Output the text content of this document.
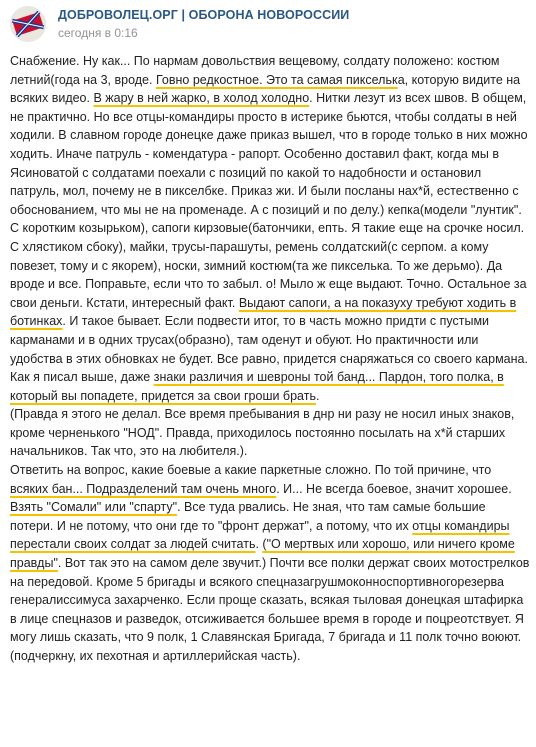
ДОБРОВОЛЕЦ.ОРГ | ОБОРОНА НОВОРОССИИ
сегодня в 0:16

Снабжение. Ну как... По нармам довольствия вещевому, солдату положено: костюм летний(года на 3, вроде. Говно редкостное. Это та самая пикселька, которую видите на всяких видео. В жару в ней жарко, в холод холодно. Нитки лезут из всех швов. В общем, не практично. Но все отцы-командиры просто в истерике бьются, чтобы солдаты в ней ходили. В славном городе донецке даже приказ вышел, что в городе только в них можно ходить. Иначе патруль - комендатура - рапорт. Особенно доставил факт, когда мы в Ясиноватой с солдатами поехали с позиций по какой то надобности и остановил патруль, мол, почему не в пикселбке. Приказ жи. И были посланы нах*й, естественно с обоснованием, что мы не на променаде. А с позиций и по делу.) кепка(модели "лунтик". С коротким козырьком), сапоги кирзовые(батончики, епть. Я такие еще на срочке носил. С хлястиком сбоку), майки, трусы-парашуты, ремень солдатский(с серпом. а кому повезет, тому и с якорем), носки, зимний костюм(та же пикселька. То же дерьмо). Да вроде и все. Поправьте, если что то забыл. о! Мыло ж еще выдают. Точно. Остальное за свои деньги. Кстати, интересный факт. Выдают сапоги, а на показуху требуют ходить в ботинках. И такое бывает. Если подвести итог, то в часть можно придти с пустыми карманами и в одних трусах(образно), там оденут и обуют. Но практичности или удобства в этих обновках не будет. Все равно, придется снаряжаться со своего кармана. Как я писал выше, даже знаки различия и шевроны той банд... Пардон, того полка, в который вы попадете, придется за свои гроши брать.

(Правда я этого не делал. Все время пребывания в днр ни разу не носил иных знаков, кроме черненького "НОД". Правда, приходилось постоянно посылать на х*й старших начальников. Так что, это на любителя.).

Ответить на вопрос, какие боевые а какие паркетные сложно. По той причине, что всяких бан... Подразделений там очень много. И... Не всегда боевое, значит хорошее. Взять "Сомали" или "спарту". Все туда рвались. Не зная, что там самые большие потери. И не потому, что они где то "фронт держат", а потому, что их отцы командиры перестали своих солдат за людей считать. ("О мертвых или хорошо, или ничего кроме правды". Вот так это на самом деле звучит.) Почти все полки держат своих мотострелков на передовой. Кроме 5 бригады и всякого спецназагрушмоконноспортивногорезерва генералиссимуса захарченко. Если проще сказать, всякая тыловая донецкая штафирка в лице спецназов и разведок, отсиживается большее время в городе и поцреотствует. Я могу лишь сказать, что 9 полк, 1 Славянская Бригада, 7 бригада и 11 полк точно воюют. (подчеркну, их пехотная и артиллерийская часть).
